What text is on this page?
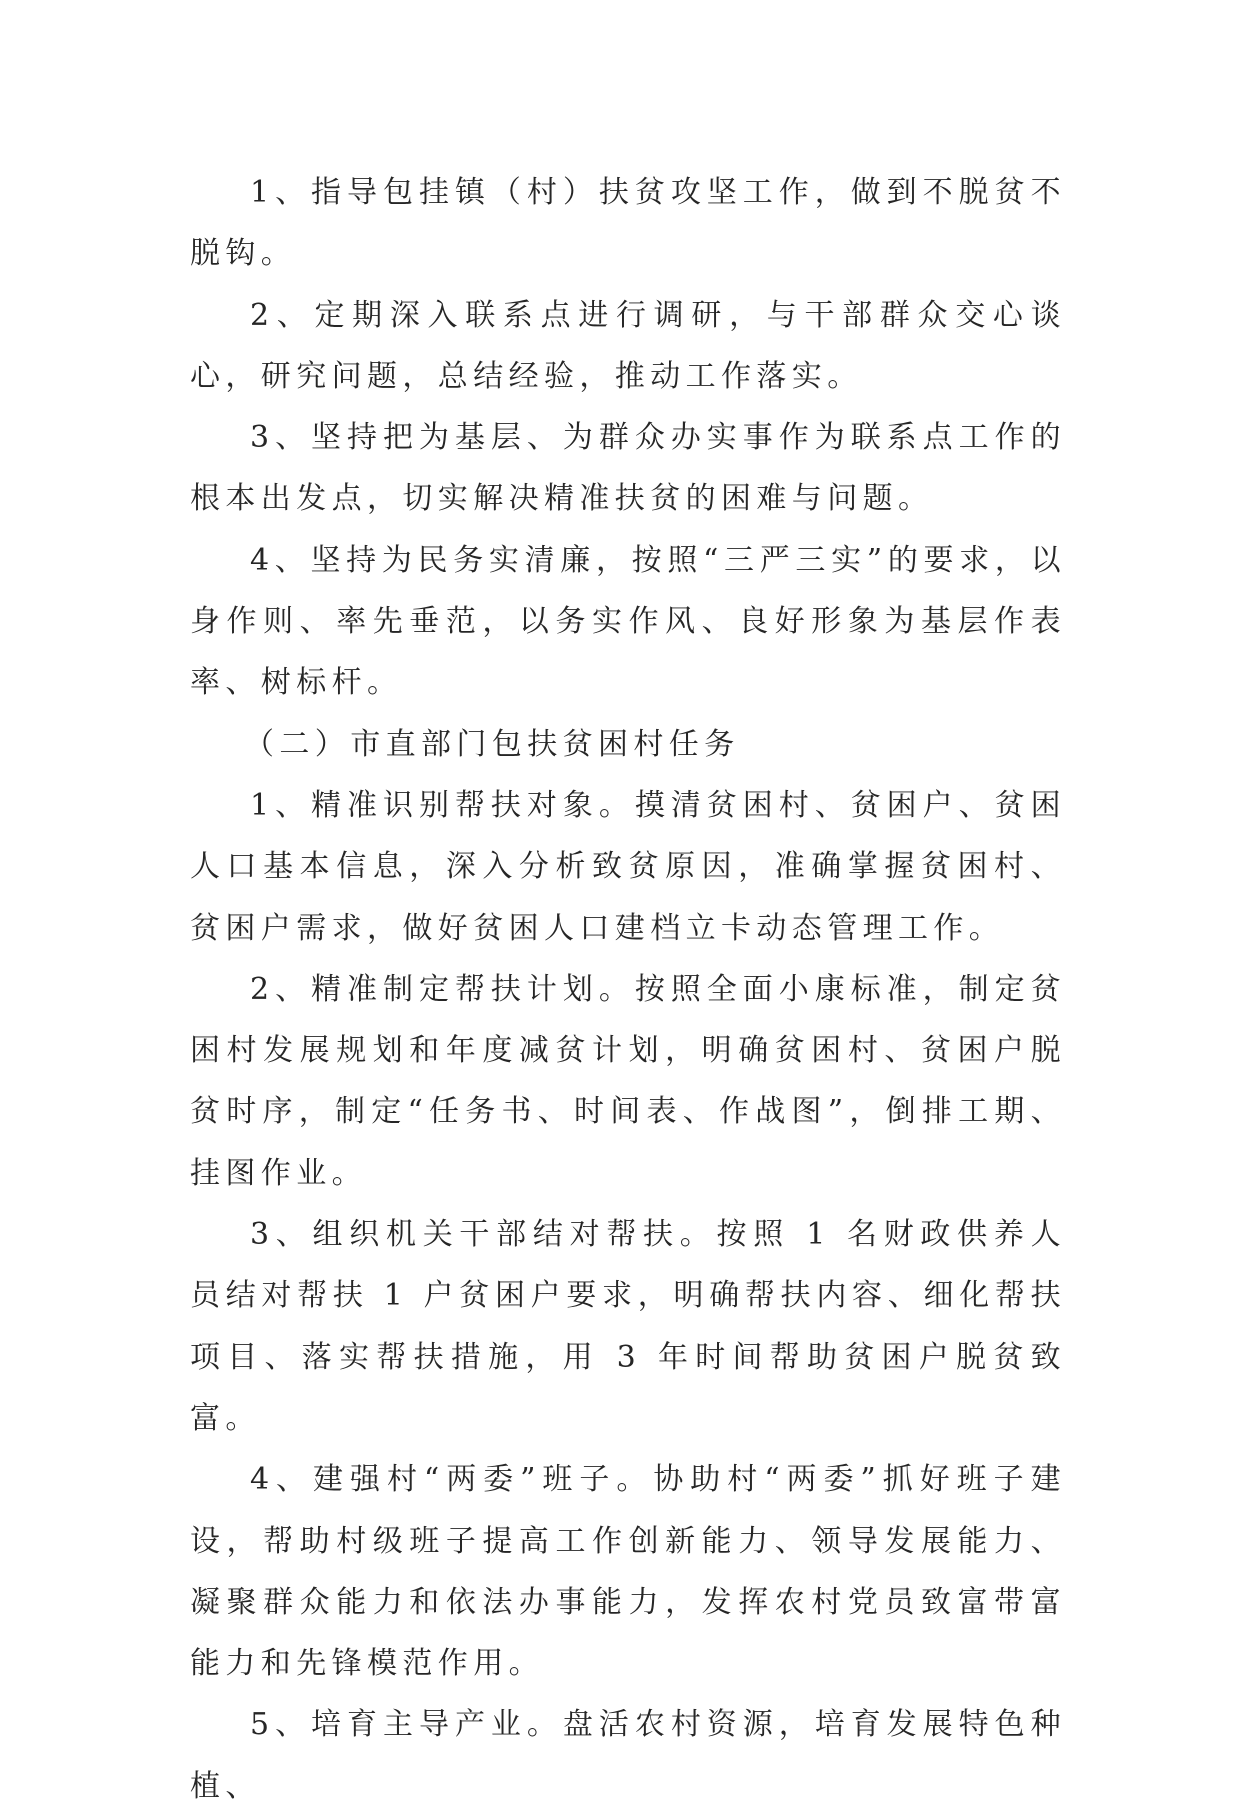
1、指导包挂镇（村）扶贫攻坚工作，做到不脱贫不脱钩。

2、定期深入联系点进行调研，与干部群众交心谈心，研究问题，总结经验，推动工作落实。

3、坚持把为基层、为群众办实事作为联系点工作的根本出发点，切实解决精准扶贫的困难与问题。

4、坚持为民务实清廉，按照“三严三实”的要求，以身作则、率先垂范，以务实作风、良好形象为基层作表率、树标杆。

（二）市直部门包扶贫困村任务

1、精准识别帮扶对象。摸清贫困村、贫困户、贫困人口基本信息，深入分析致贫原因，准确掌握贫困村、贫困户需求，做好贫困人口建档立卡动态管理工作。

2、精准制定帮扶计划。按照全面小康标准，制定贫困村发展规划和年度减贫计划，明确贫困村、贫困户脱贫时序，制定“任务书、时间表、作战图”，倒排工期、挂图作业。

3、组织机关干部结对帮扶。按照 1 名财政供养人员结对帮扶 1 户贫困户要求，明确帮扶内容、细化帮扶项目、落实帮扶措施，用 3 年时间帮助贫困户脱贫致富。

4、建强村“两委”班子。协助村“两委”抓好班子建设，帮助村级班子提高工作创新能力、领导发展能力、凝聚群众能力和依法办事能力，发挥农村党员致富带富能力和先锋模范作用。

5、培育主导产业。盘活农村资源，培育发展特色种植、
